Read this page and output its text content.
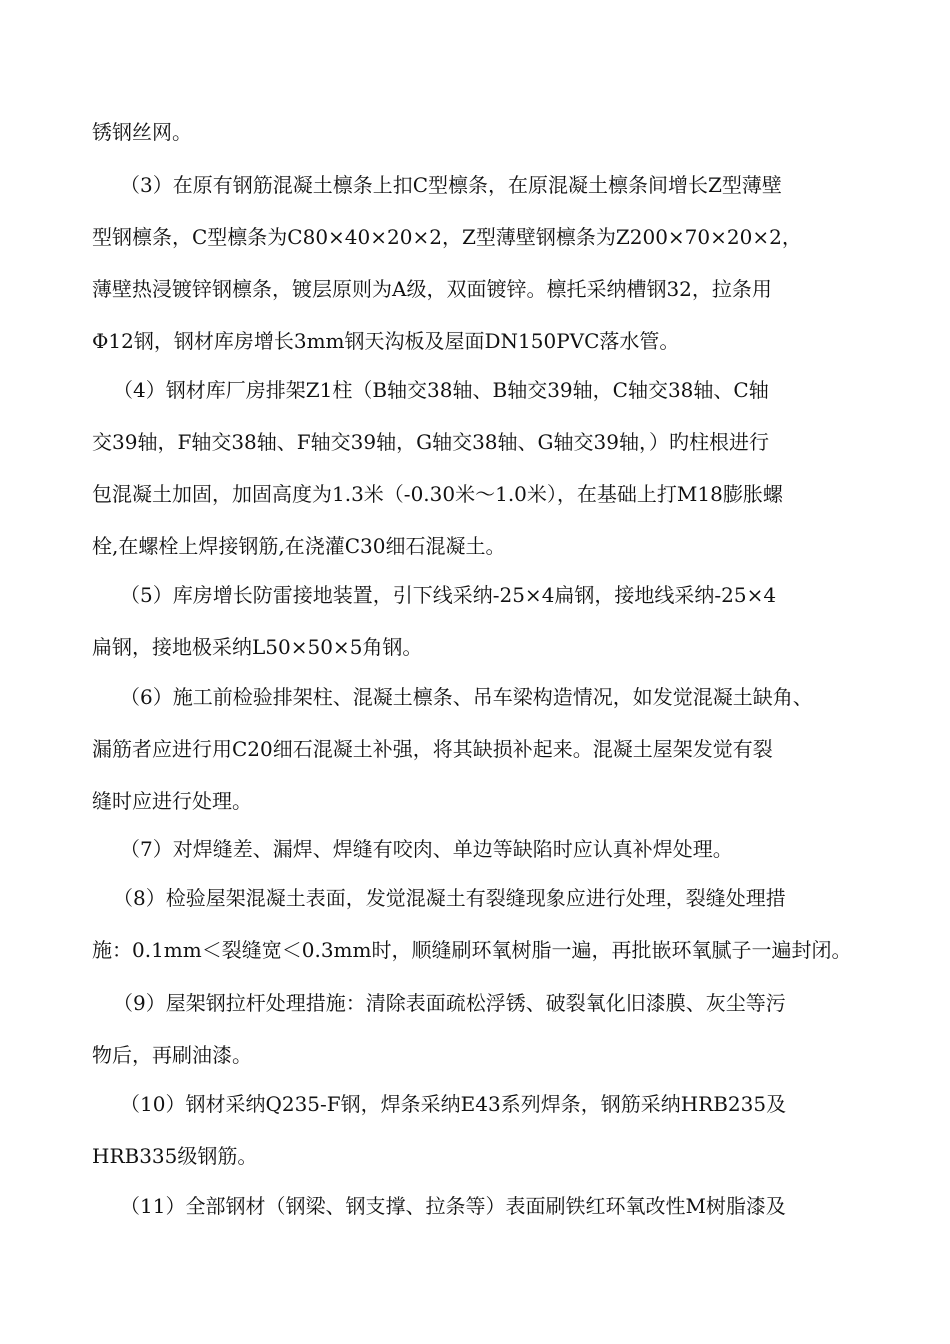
锈钢丝网。
（3）在原有钢筋混凝土檩条上扣C型檩条，在原混凝土檩条间增长Z型薄壁
型钢檩条，C型檩条为C80×40×20×2，Z型薄壁钢檩条为Z200×70×20×2，
薄壁热浸镀锌钢檩条，镀层原则为A级，双面镀锌。檩托采纳槽钢32，拉条用
Φ12钢，钢材库房增长3mm钢天沟板及屋面DN150PVC落水管。
（4）钢材库厂房排架Z1柱（B轴交38轴、B轴交39轴，C轴交38轴、C轴
交39轴，F轴交38轴、F轴交39轴，G轴交38轴、G轴交39轴，）旳柱根进行
包混凝土加固，加固高度为1.3米（-0.30米～1.0米），在基础上打M18膨胀螺
栓,在螺栓上焊接钢筋,在浇灌C30细石混凝土。
（5）库房增长防雷接地装置，引下线采纳-25×4扁钢，接地线采纳-25×4
扁钢，接地极采纳L50×50×5角钢。
（6）施工前检验排架柱、混凝土檩条、吊车梁构造情况，如发觉混凝土缺角、
漏筋者应进行用C20细石混凝土补强，将其缺损补起来。混凝土屋架发觉有裂
缝时应进行处理。
（7）对焊缝差、漏焊、焊缝有咬肉、单边等缺陷时应认真补焊处理。
（8）检验屋架混凝土表面，发觉混凝土有裂缝现象应进行处理，裂缝处理措
施：0.1mm＜裂缝宽＜0.3mm时，顺缝刷环氧树脂一遍，再批嵌环氧腻子一遍封闭。
（9）屋架钢拉杆处理措施：清除表面疏松浮锈、破裂氧化旧漆膜、灰尘等污
物后，再刷油漆。
（10）钢材采纳Q235-F钢，焊条采纳E43系列焊条，钢筋采纳HRB235及
HRB335级钢筋。
（11）全部钢材（钢梁、钢支撑、拉条等）表面刷铁红环氧改性M树脂漆及
